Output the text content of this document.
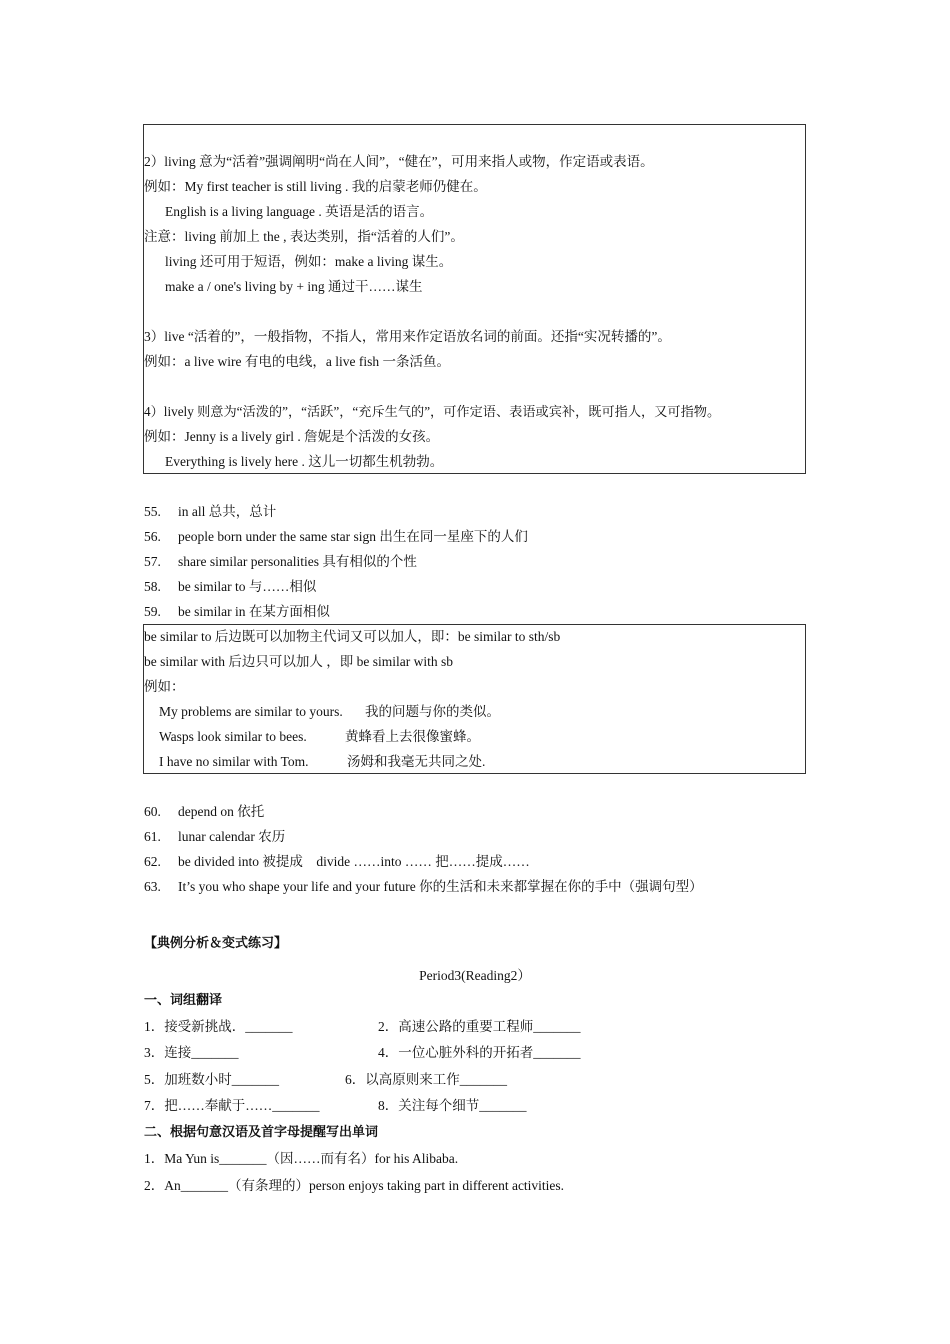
2）living 意为“活着”强调阐明“尚在人间”，“健在”，可用来指人或物，作定语或表语。
例如：My first teacher is still living . 我的启蒙老师仍健在。
English is a living language . 英语是活的语言。
注意：living 前加上 the , 表达类别，指“活着的人们”。
living 还可用于短语，例如：make a living 谋生。
make a / one's living by + ing 通过干……谋生
3）live “活着的”，一般指物，不指人，常用来作定语放名词的前面。还指“实况转播的”。
例如：a live wire 有电的电线，a live fish 一条活鱼。
4）lively 则意为“活泼的”，“活跃”，“充斥生气的”，可作定语、表语或宾补，既可指人，又可指物。
例如：Jenny is a lively girl . 詹妮是个活泼的女孩。
Everything is lively here . 这儿一切都生机勃勃。
55. in all 总共，总计
56. people born under the same star sign 出生在同一星座下的人们
57. share similar personalities 具有相似的个性
58. be similar to 与……相似
59. be similar in 在某方面相似
be similar to 后边既可以加物主代词又可以加人，即：be similar to sth/sb
be similar with 后边只可以加人 ，即 be similar with sb
例如：
My problems are similar to yours. 我的问题与你的类似。
Wasps look similar to bees.	黄蜂看上去很像蜜蜂。
I have no similar with Tom.	汤姆和我毫无共同之处.
60. depend on 依托
61. lunar calendar 农历
62. be divided into 被提成    divide ……into …… 把……提成……
63. It’s you who shape your life and your future 你的生活和未来都掌握在你的手中（强调句型）
【典例分析＆变式练习】
Period3(Reading2）
一、词组翻译
1．接受新挑战．_______	2．高速公路的重要工程师_______
3．连接_______	4．一位心脏外科的开拓者_______
5．加班数小时_______	6．以高原则来工作_______
7．把……奉献于……_______	8．关注每个细节_______
二、根据句意汉语及首字母提醒写出单词
1．Ma Yun is_______（因……而有名）for his Alibaba.
2．An_______（有条理的）person enjoys taking part in different activities.
